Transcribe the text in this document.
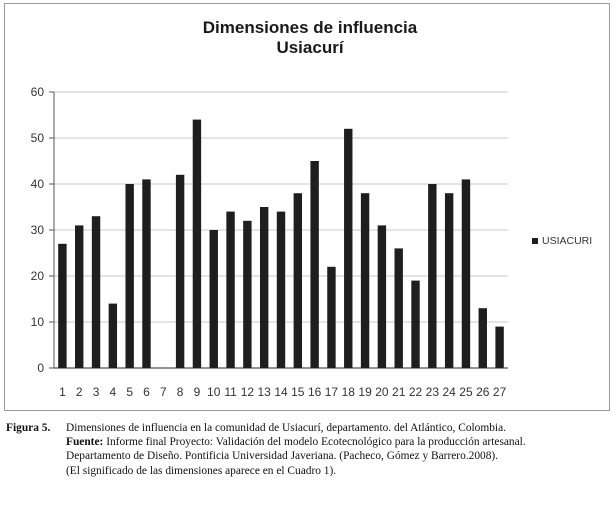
Dimensiones de influencia
Usiacurí
0
10
20
30
40
50
60
1 2 3 4 5 6 7 8 9 10 11 12 13 14 15 16 17 18 19 20 21 22 23 24 25 26 27
USIACURI
Figura 5.	Dimensiones de influencia en la comunidad de Usiacurí, departamento. del Atlántico, Colombia.
Fuente: Informe final Proyecto: Validación del modelo Ecotecnológico para la producción artesanal.
Departamento de Diseño. Pontificia Universidad Javeriana. (Pacheco, Gómez y Barrero.2008).
(El significado de las dimensiones aparece en el Cuadro 1).
